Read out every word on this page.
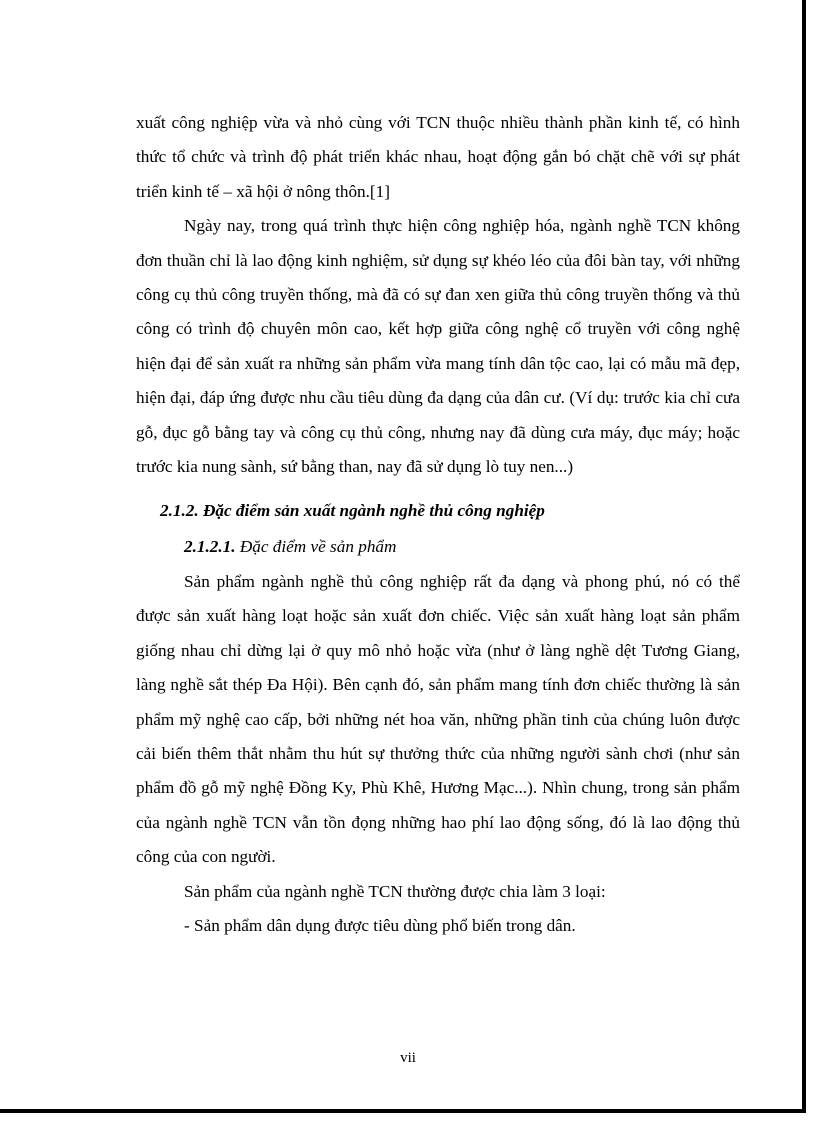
xuất công nghiệp vừa và nhỏ cùng với TCN thuộc nhiều thành phần kinh tế, có hình thức tổ chức và trình độ phát triển khác nhau, hoạt động gắn bó chặt chẽ với sự phát triển kinh tế – xã hội ở nông thôn.[1]

Ngày nay, trong quá trình thực hiện công nghiệp hóa, ngành nghề TCN không đơn thuần chỉ là lao động kinh nghiệm, sử dụng sự khéo léo của đôi bàn tay, với những công cụ thủ công truyền thống, mà đã có sự đan xen giữa thủ công truyền thống và thủ công có trình độ chuyên môn cao, kết hợp giữa công nghệ cổ truyền với công nghệ hiện đại để sản xuất ra những sản phẩm vừa mang tính dân tộc cao, lại có mẫu mã đẹp, hiện đại, đáp ứng được nhu cầu tiêu dùng đa dạng của dân cư. (Ví dụ: trước kia chỉ cưa gỗ, đục gỗ bằng tay và công cụ thủ công, nhưng nay đã dùng cưa máy, đục máy; hoặc trước kia nung sành, sứ bằng than, nay đã sử dụng lò tuy nen...)

2.1.2. Đặc điểm sản xuất ngành nghề thủ công nghiệp

2.1.2.1. Đặc điểm về sản phẩm

Sản phẩm ngành nghề thủ công nghiệp rất đa dạng và phong phú, nó có thể được sản xuất hàng loạt hoặc sản xuất đơn chiếc. Việc sản xuất hàng loạt sản phẩm giống nhau chỉ dừng lại ở quy mô nhỏ hoặc vừa (như ở làng nghề dệt Tương Giang, làng nghề sắt thép Đa Hội). Bên cạnh đó, sản phẩm mang tính đơn chiếc thường là sản phẩm mỹ nghệ cao cấp, bởi những nét hoa văn, những phần tinh của chúng luôn được cải biến thêm thắt nhằm thu hút sự thưởng thức của những người sành chơi (như sản phẩm đồ gỗ mỹ nghệ Đồng Ky, Phù Khê, Hương Mạc...). Nhìn chung, trong sản phẩm của ngành nghề TCN vẫn tồn đọng những hao phí lao động sống, đó là lao động thủ công của con người.

Sản phẩm của ngành nghề TCN thường được chia làm 3 loại:

- Sản phẩm dân dụng được tiêu dùng phổ biến trong dân.

vii
